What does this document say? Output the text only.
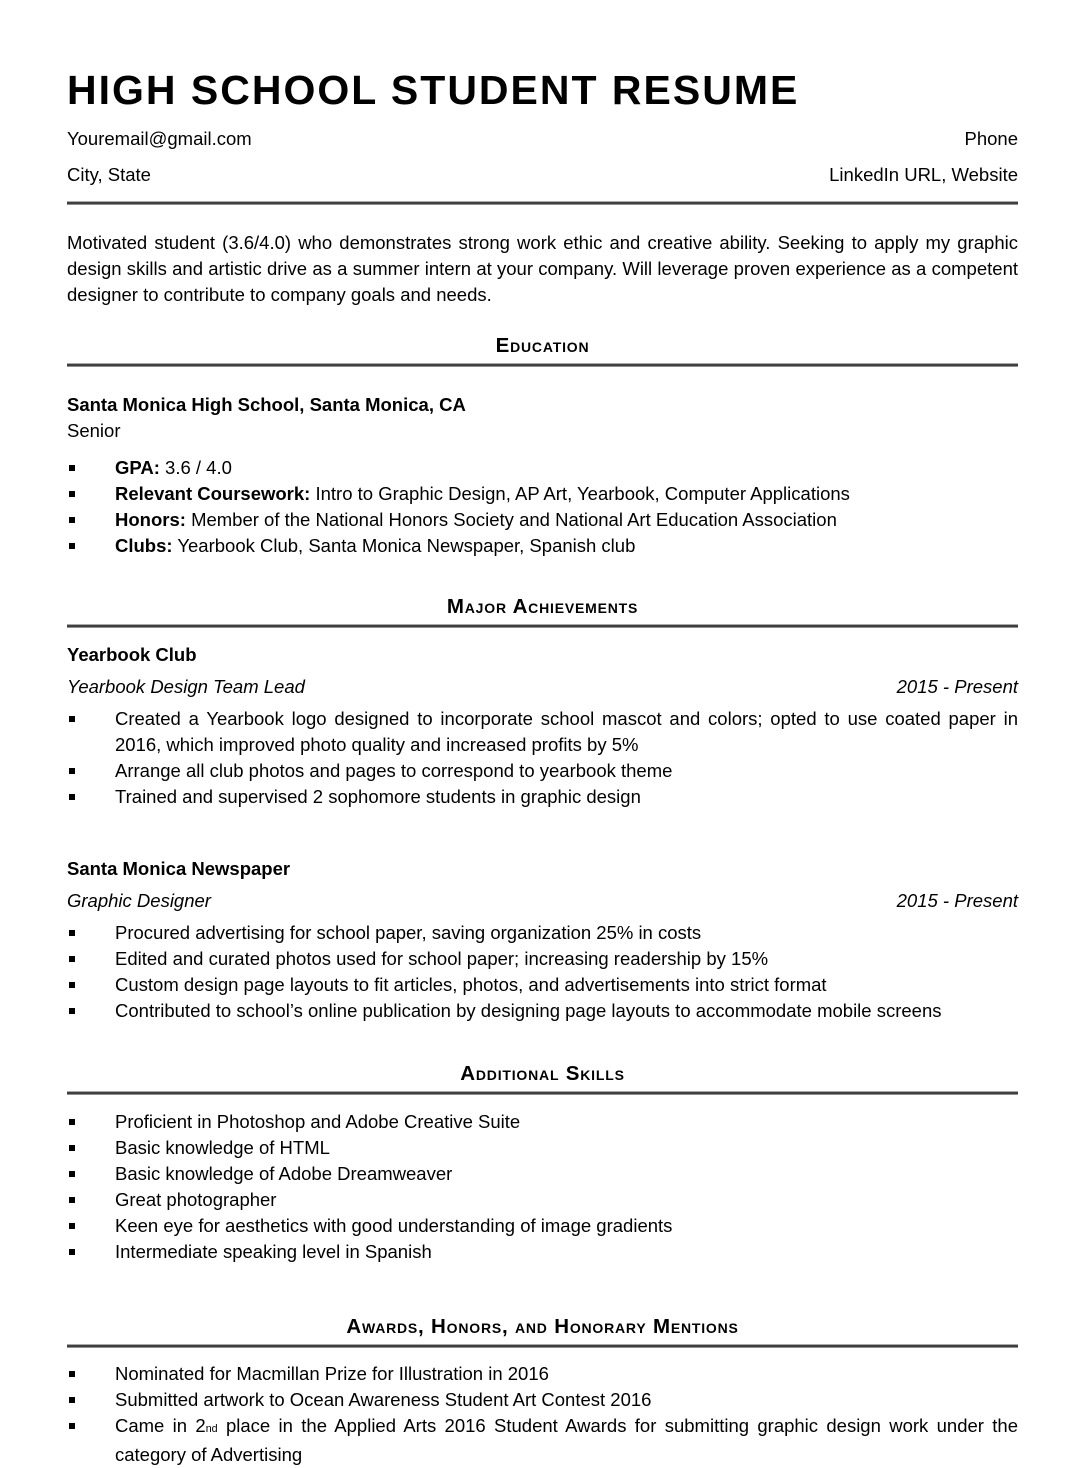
HIGH SCHOOL STUDENT RESUME
Youremail@gmail.com	Phone
City, State	LinkedIn URL, Website

Motivated student (3.6/4.0) who demonstrates strong work ethic and creative ability. Seeking to apply my graphic design skills and artistic drive as a summer intern at your company. Will leverage proven experience as a competent designer to contribute to company goals and needs.

Education

Santa Monica High School, Santa Monica, CA

Senior

GPA: 3.6 / 4.0
Relevant Coursework: Intro to Graphic Design, AP Art, Yearbook, Computer Applications
Honors: Member of the National Honors Society and National Art Education Association
Clubs: Yearbook Club, Santa Monica Newspaper, Spanish club
Major Achievements

Yearbook Club

Yearbook Design Team Lead	2015 - Present
Created a Yearbook logo designed to incorporate school mascot and colors; opted to use coated paper in 2016, which improved photo quality and increased profits by 5%
Arrange all club photos and pages to correspond to yearbook theme
Trained and supervised 2 sophomore students in graphic design

Santa Monica Newspaper

Graphic Designer	2015 - Present
Procured advertising for school paper, saving organization 25% in costs
Edited and curated photos used for school paper; increasing readership by 15%
Custom design page layouts to fit articles, photos, and advertisements into strict format
Contributed to school’s online publication by designing page layouts to accommodate mobile screens
Additional Skills
Proficient in Photoshop and Adobe Creative Suite
Basic knowledge of HTML
Basic knowledge of Adobe Dreamweaver
Great photographer
Keen eye for aesthetics with good understanding of image gradients
Intermediate speaking level in Spanish
Awards, Honors, and Honorary Mentions
Nominated for Macmillan Prize for Illustration in 2016
Submitted artwork to Ocean Awareness Student Art Contest 2016
Came in 2nd place in the Applied Arts 2016 Student Awards for submitting graphic design work under the category of Advertising
